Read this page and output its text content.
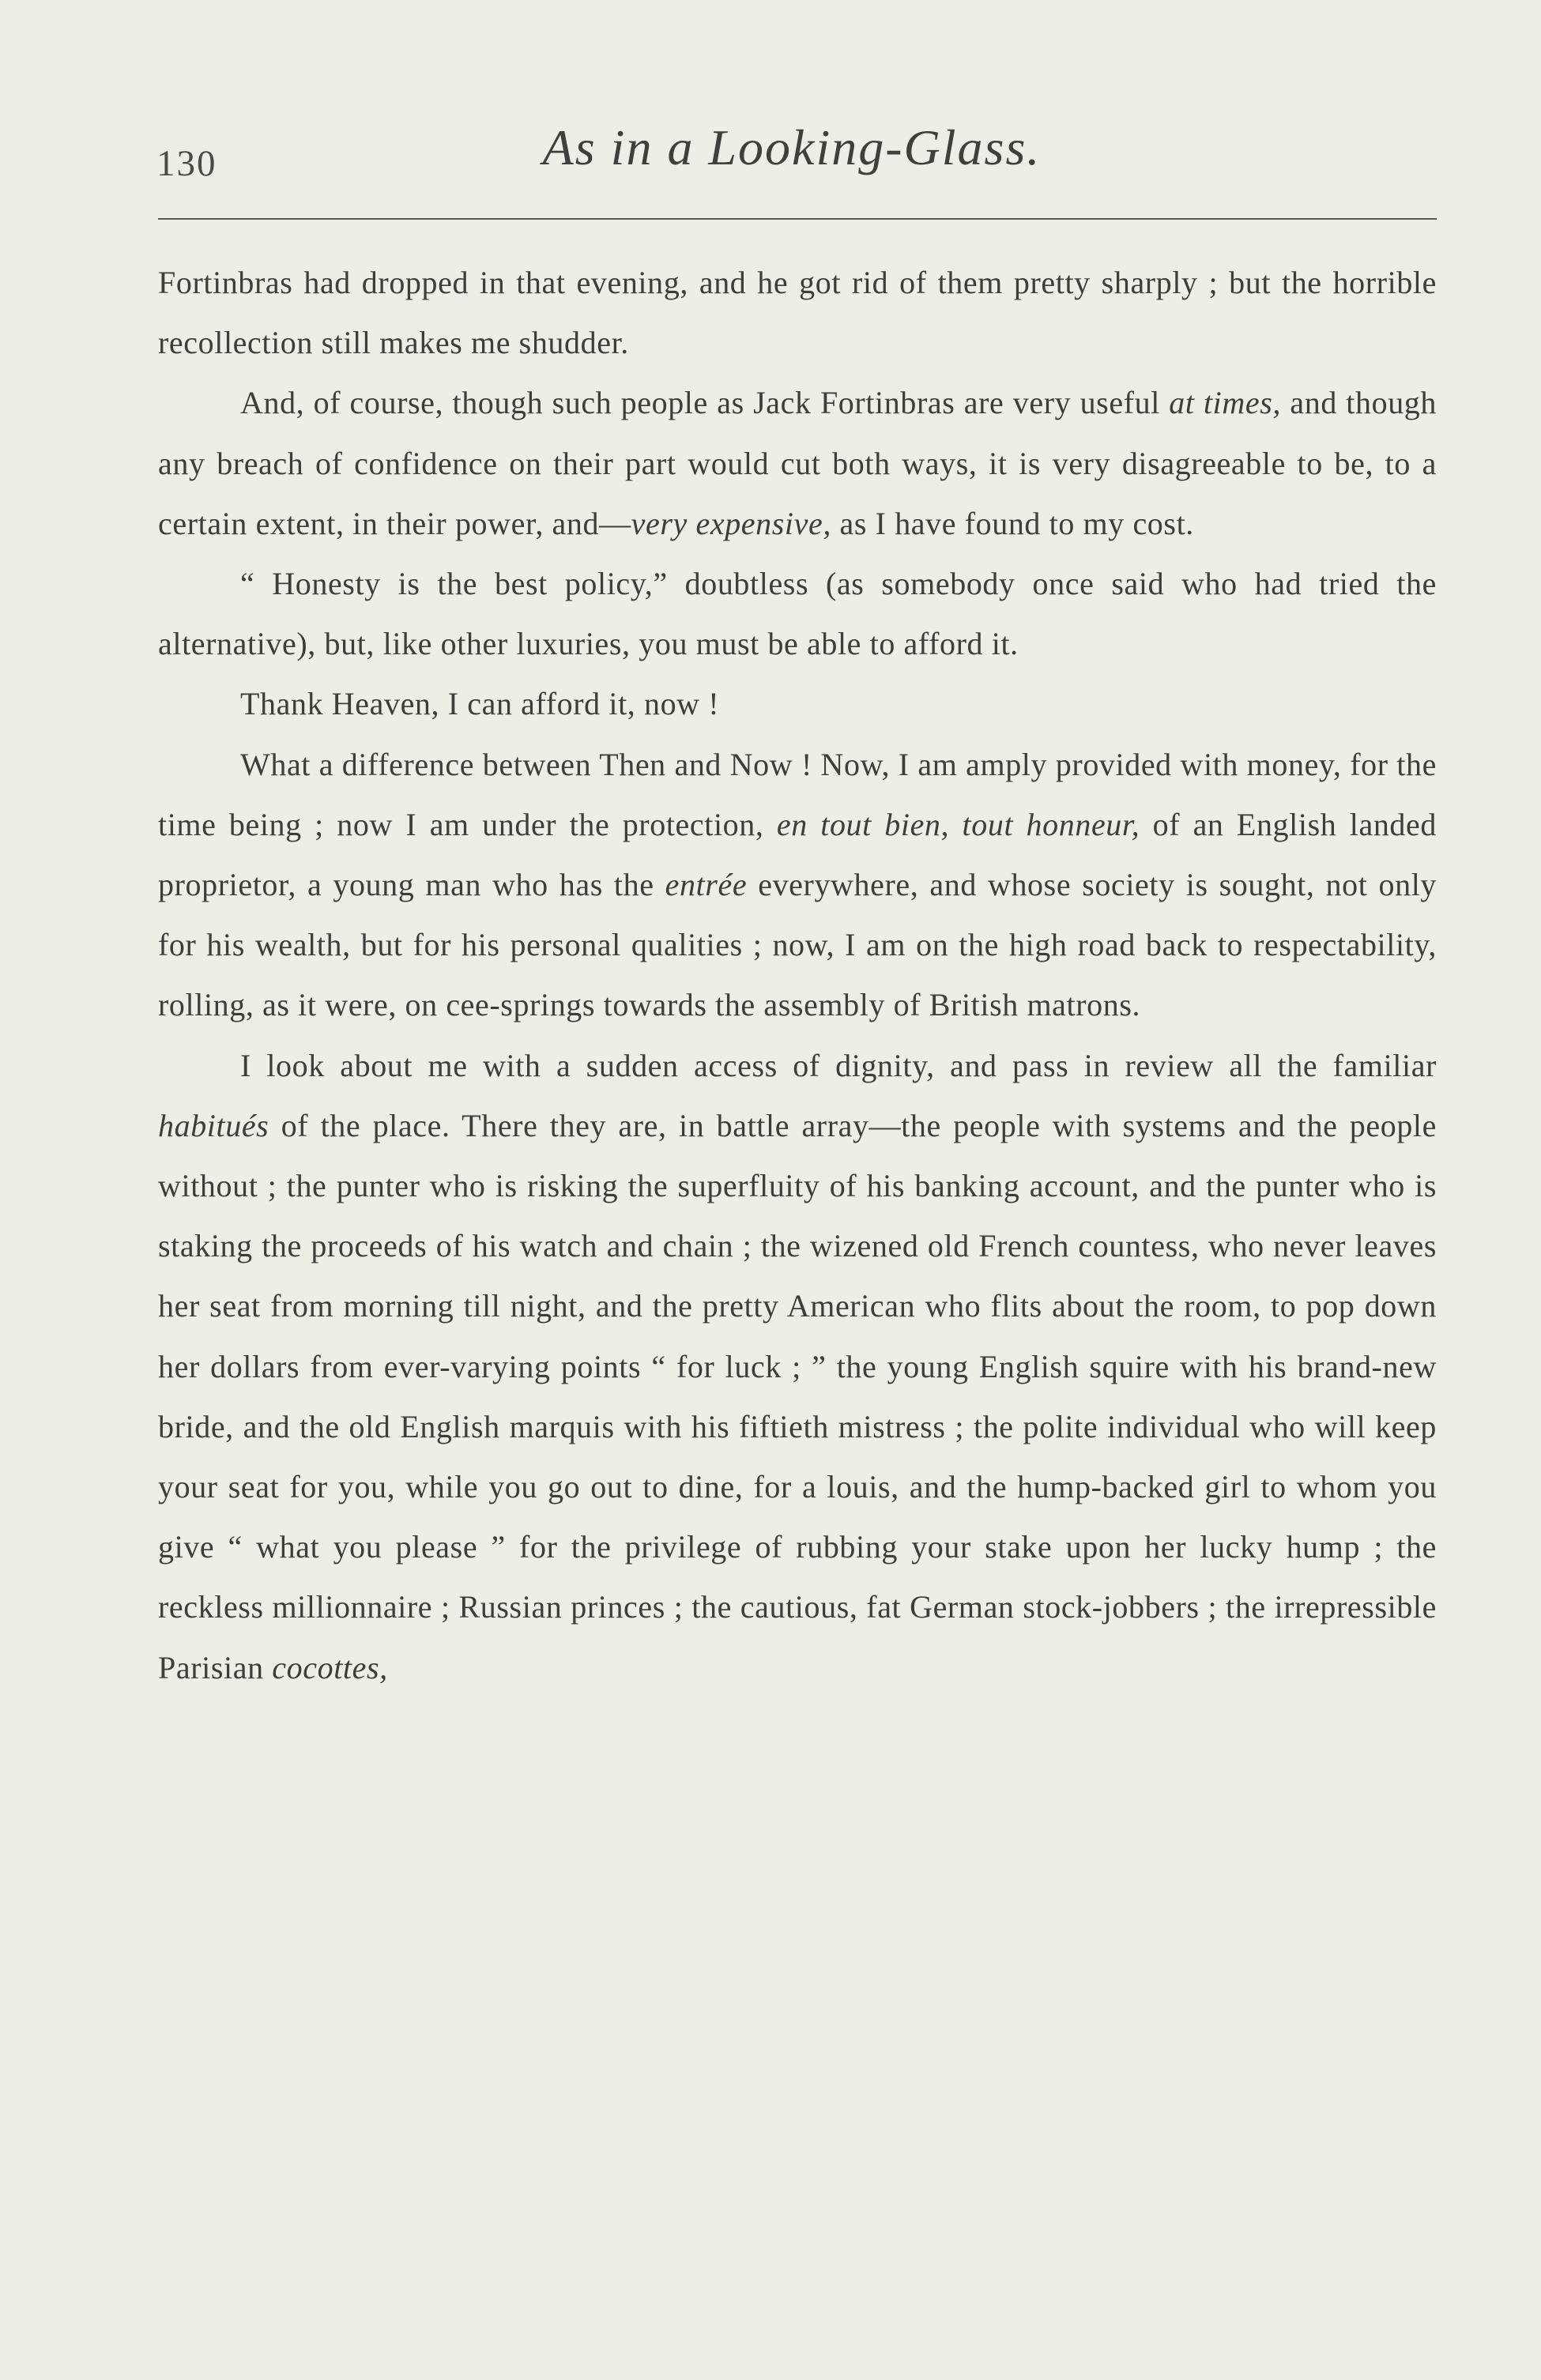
130	As in a Looking-Glass.

Fortinbras had dropped in that evening, and he got rid of them pretty sharply ; but the horrible recollection still makes me shudder.

And, of course, though such people as Jack Fortinbras are very useful at times, and though any breach of confidence on their part would cut both ways, it is very disagreeable to be, to a certain extent, in their power, and—very expensive, as I have found to my cost.

“ Honesty is the best policy,” doubtless (as somebody once said who had tried the alternative), but, like other luxuries, you must be able to afford it.

Thank Heaven, I can afford it, now !

What a difference between Then and Now ! Now, I am amply provided with money, for the time being ; now I am under the protection, en tout bien, tout honneur, of an English landed proprietor, a young man who has the entrée everywhere, and whose society is sought, not only for his wealth, but for his personal qualities ; now, I am on the high road back to respectability, rolling, as it were, on cee-springs towards the assembly of British matrons.

I look about me with a sudden access of dignity, and pass in review all the familiar habitués of the place. There they are, in battle array—the people with systems and the people without ; the punter who is risking the superfluity of his banking account, and the punter who is staking the proceeds of his watch and chain ; the wizened old French countess, who never leaves her seat from morning till night, and the pretty American who flits about the room, to pop down her dollars from ever-varying points “ for luck ; ” the young English squire with his brand-new bride, and the old English marquis with his fiftieth mistress ; the polite individual who will keep your seat for you, while you go out to dine, for a louis, and the hump-backed girl to whom you give “ what you please ” for the privilege of rubbing your stake upon her lucky hump ; the reckless millionnaire ; Russian princes ; the cautious, fat German stock-jobbers ; the irrepressible Parisian cocottes,
